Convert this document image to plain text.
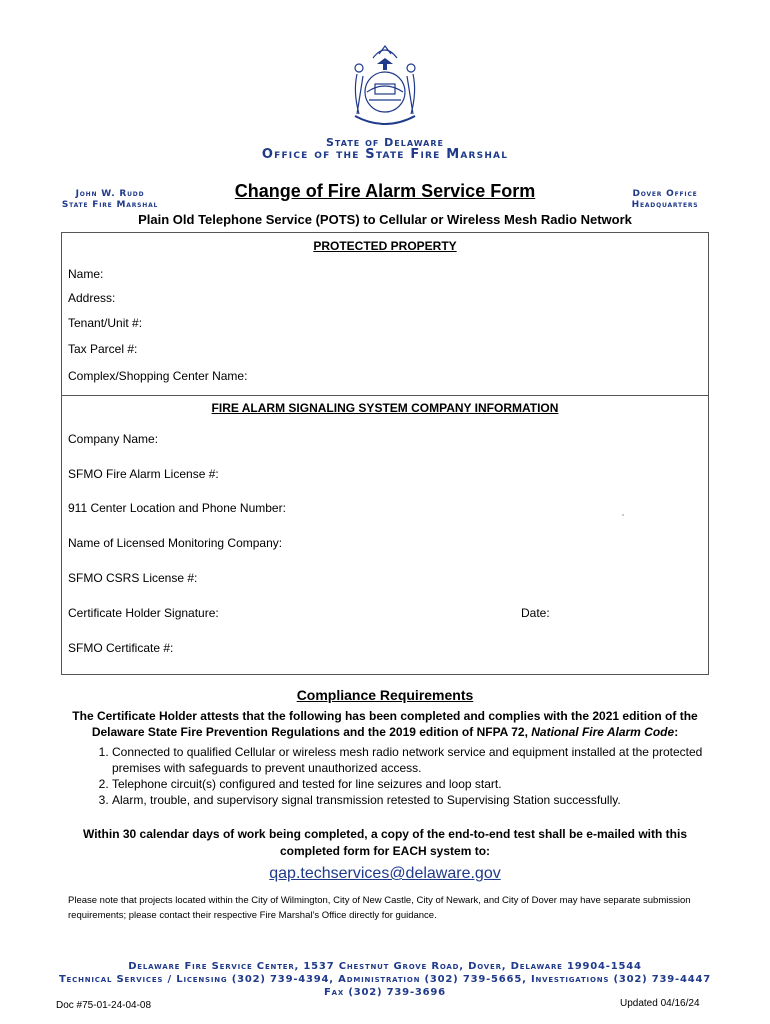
State of Delaware
Office of the State Fire Marshal
John W. Rudd
State Fire Marshal
Dover Office
Headquarters
Change of Fire Alarm Service Form
Plain Old Telephone Service (POTS) to Cellular or Wireless Mesh Radio Network
PROTECTED PROPERTY
Name:
Address:
Tenant/Unit #:
Tax Parcel #:
Complex/Shopping Center Name:
FIRE ALARM SIGNALING SYSTEM COMPANY INFORMATION
Company Name:
SFMO Fire Alarm License #:
911 Center Location and Phone Number:
Name of Licensed Monitoring Company:
SFMO CSRS License #:
Certificate Holder Signature:	Date:
SFMO Certificate #:
Compliance Requirements
The Certificate Holder attests that the following has been completed and complies with the 2021 edition of the Delaware State Fire Prevention Regulations and the 2019 edition of NFPA 72, National Fire Alarm Code:
1. Connected to qualified Cellular or wireless mesh radio network service and equipment installed at the protected premises with safeguards to prevent unauthorized access.
2. Telephone circuit(s) configured and tested for line seizures and loop start.
3. Alarm, trouble, and supervisory signal transmission retested to Supervising Station successfully.
Within 30 calendar days of work being completed, a copy of the end-to-end test shall be e-mailed with this completed form for EACH system to:
qap.techservices@delaware.gov
Please note that projects located within the City of Wilmington, City of New Castle, City of Newark, and City of Dover may have separate submission requirements; please contact their respective Fire Marshal’s Office directly for guidance.
Delaware Fire Service Center, 1537 Chestnut Grove Road, Dover, Delaware 19904-1544
Technical Services / Licensing (302) 739-4394, Administration (302) 739-5665, Investigations (302) 739-4447
Fax (302) 739-3696
Doc #75-01-24-04-08	Updated 04/16/24
